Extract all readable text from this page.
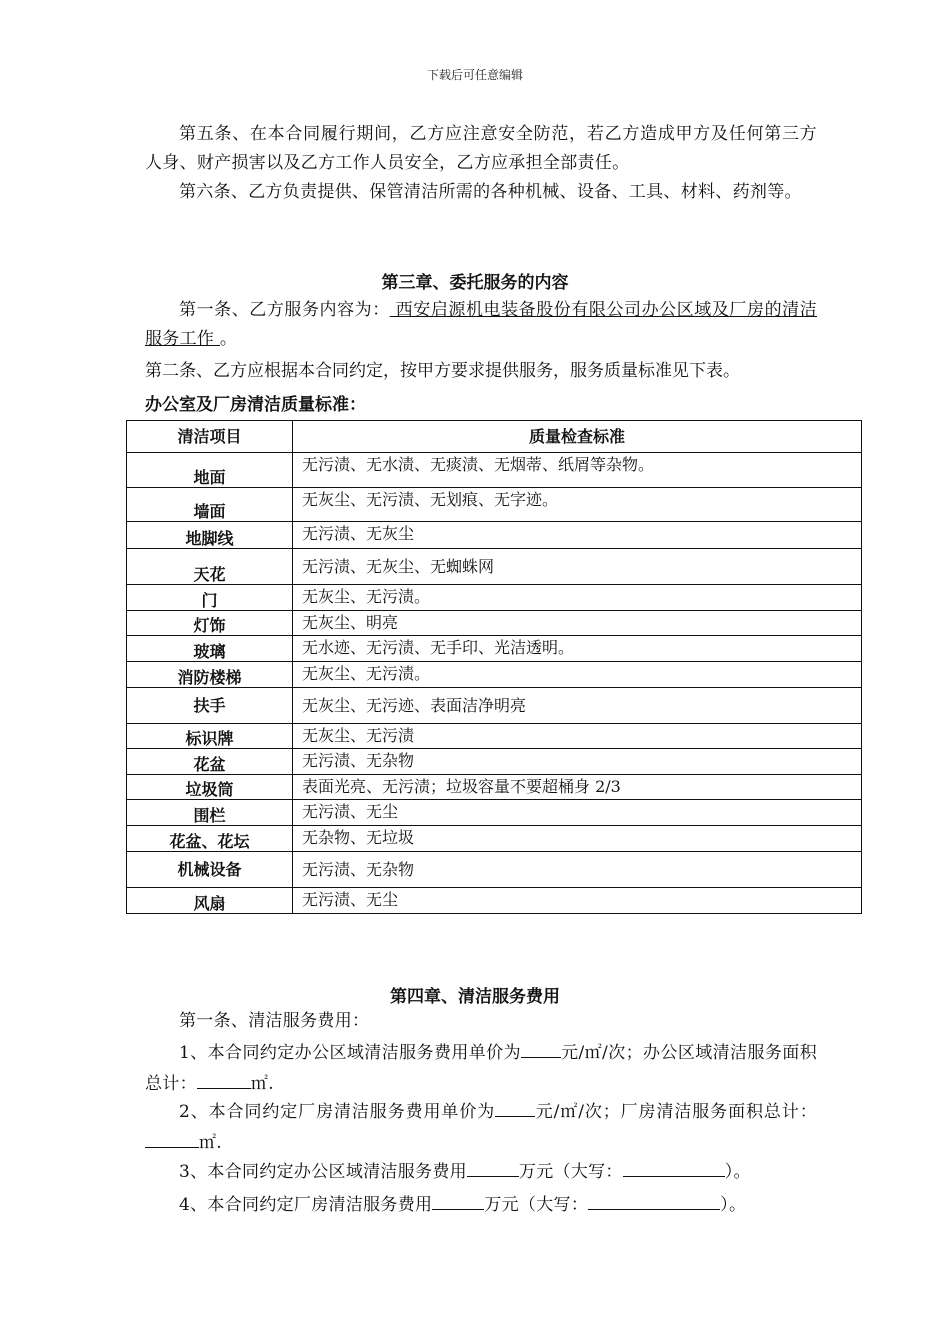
下载后可任意编辑

第五条、在本合同履行期间，乙方应注意安全防范，若乙方造成甲方及任何第三方人身、财产损害以及乙方工作人员安全，乙方应承担全部责任。

第六条、乙方负责提供、保管清洁所需的各种机械、设备、工具、材料、药剂等。

第三章、委托服务的内容

第一条、乙方服务内容为： 西安启源机电装备股份有限公司办公区域及厂房的清洁服务工作 。

第二条、乙方应根据本合同约定，按甲方要求提供服务，服务质量标准见下表。

办公室及厂房清洁质量标准：
清洁项目	质量检查标准
地面	无污渍、无水渍、无痰渍、无烟蒂、纸屑等杂物。
墙面	无灰尘、无污渍、无划痕、无字迹。
地脚线	无污渍、无灰尘
天花	无污渍、无灰尘、无蜘蛛网
门	无灰尘、无污渍。
灯饰	无灰尘、明亮
玻璃	无水迹、无污渍、无手印、光洁透明。
消防楼梯	无灰尘、无污渍。
扶手	无灰尘、无污迹、表面洁净明亮
标识牌	无灰尘、无污渍
花盆	无污渍、无杂物
垃圾筒	表面光亮、无污渍；垃圾容量不要超桶身 2/3
围栏	无污渍、无尘
花盆、花坛	无杂物、无垃圾
机械设备	无污渍、无杂物
风扇	无污渍、无尘
第四章、清洁服务费用

第一条、清洁服务费用：

1、本合同约定办公区域清洁服务费用单价为 元/㎡/次；办公区域清洁服务面积总计：	㎡.

2、本合同约定厂房清洁服务费用单价为 元/㎡/次；厂房清洁服务面积总计：㎡.

3、本合同约定办公区域清洁服务费用	万元（大写：	）。

4、本合同约定厂房清洁服务费用	万元（大写：	）。
